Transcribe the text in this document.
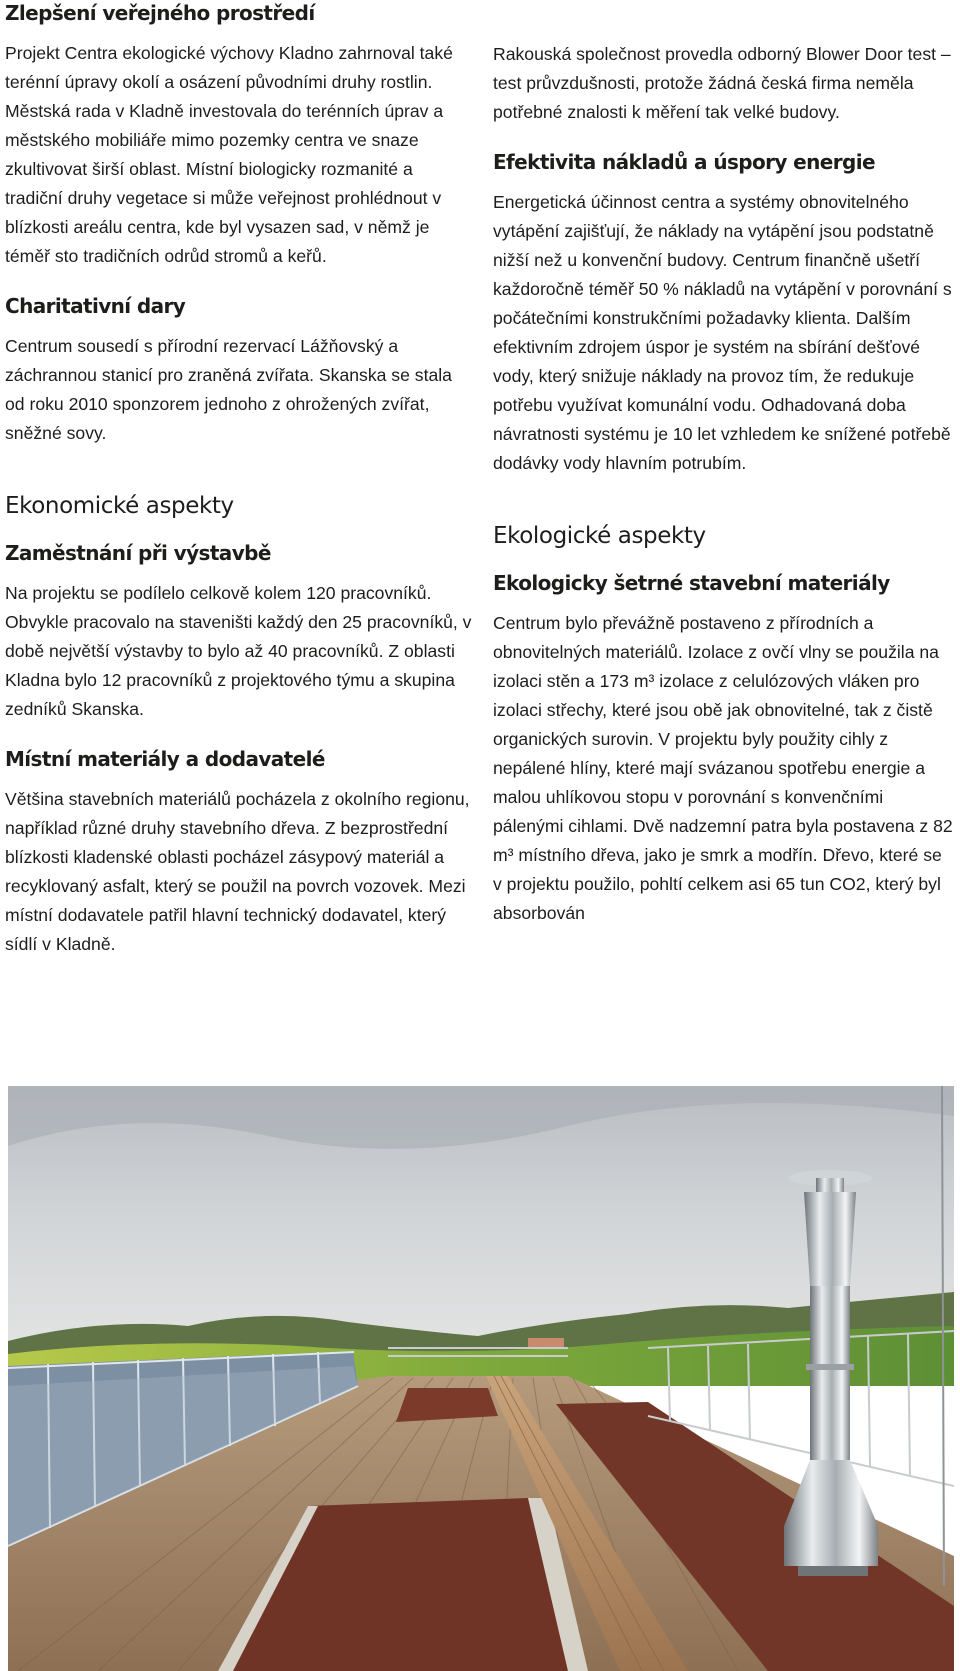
Zlepšení veřejného prostředí

Projekt Centra ekologické výchovy Kladno zahrnoval také terénní úpravy okolí a osázení původními druhy rostlin. Městská rada v Kladně investovala do terénních úprav a městského mobiliáře mimo pozemky centra ve snaze zkultivovat širší oblast. Místní biologicky rozmanité a tradiční druhy vegetace si může veřejnost prohlédnout v blízkosti areálu centra, kde byl vysazen sad, v němž je téměř sto tradičních odrůd stromů a keřů.

Charitativní dary

Centrum sousedí s přírodní rezervací Lážňovský a záchrannou stanicí pro zraněná zvířata. Skanska se stala od roku 2010 sponzorem jednoho z ohrožených zvířat, sněžné sovy.

Ekonomické aspekty
Zaměstnání při výstavbě

Na projektu se podílelo celkově kolem 120 pracovníků. Obvykle pracovalo na staveništi každý den 25 pracovníků, v době největší výstavby to bylo až 40 pracovníků. Z oblasti Kladna bylo 12 pracovníků z projektového týmu a skupina zedníků Skanska.

Místní materiály a dodavatelé

Většina stavebních materiálů pocházela z okolního regionu, například různé druhy stavebního dřeva. Z bezprostřední blízkosti kladenské oblasti pocházel zásypový materiál a recyklovaný asfalt, který se použil na povrch vozovek. Mezi místní dodavatele patřil hlavní technický dodavatel, který sídlí v Kladně.

Rakouská společnost provedla odborný Blower Door test – test průvzdušnosti, protože žádná česká firma neměla potřebné znalosti k měření tak velké budovy.

Efektivita nákladů a úspory energie

Energetická účinnost centra a systémy obnovitelného vytápění zajišťují, že náklady na vytápění jsou podstatně nižší než u konvenční budovy. Centrum finančně ušetří každoročně téměř 50 % nákladů na vytápění v porovnání s počátečními konstrukčními požadavky klienta. Dalším efektivním zdrojem úspor je systém na sbírání dešťové vody, který snižuje náklady na provoz tím, že redukuje potřebu využívat komunální vodu. Odhadovaná doba návratnosti systému je 10 let vzhledem ke snížené potřebě dodávky vody hlavním potrubím.

Ekologické aspekty
Ekologicky šetrné stavební materiály

Centrum bylo převážně postaveno z přírodních a obnovitelných materiálů. Izolace z ovčí vlny se použila na izolaci stěn a 173 m³ izolace z celulózových vláken pro izolaci střechy, které jsou obě jak obnovitelné, tak z čistě organických surovin. V projektu byly použity cihly z nepálené hlíny, které mají svázanou spotřebu energie a malou uhlíkovou stopu v porovnání s konvenčními pálenými cihlami. Dvě nadzemní patra byla postavena z 82 m³ místního dřeva, jako je smrk a modřín. Dřevo, které se v projektu použilo, pohltí celkem asi 65 tun CO2, který byl absorbován
